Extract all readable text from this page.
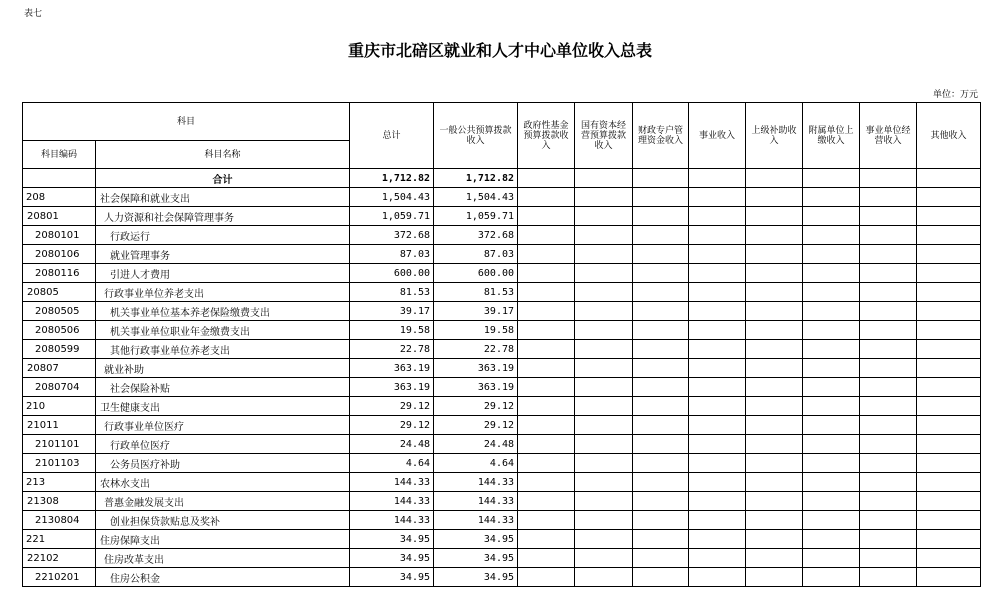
表七
重庆市北碚区就业和人才中心单位收入总表
单位：万元
科目		总计	一般公共预算拨款收入	政府性基金预算拨款收入	国有资本经营预算拨款收入	财政专户管理资金收入	事业收入	上级补助收入	附属单位上缴收入	事业单位经营收入	其他收入
科目编码	科目名称										
	合计	1,712.82	1,712.82								
208	社会保障和就业支出	1,504.43	1,504.43								
20801	人力资源和社会保障管理事务	1,059.71	1,059.71								
2080101	行政运行	372.68	372.68								
2080106	就业管理事务	87.03	87.03								
2080116	引进人才费用	600.00	600.00								
20805	行政事业单位养老支出	81.53	81.53								
2080505	机关事业单位基本养老保险缴费支出	39.17	39.17								
2080506	机关事业单位职业年金缴费支出	19.58	19.58								
2080599	其他行政事业单位养老支出	22.78	22.78								
20807	就业补助	363.19	363.19								
2080704	社会保险补贴	363.19	363.19								
210	卫生健康支出	29.12	29.12								
21011	行政事业单位医疗	29.12	29.12								
2101101	行政单位医疗	24.48	24.48								
2101103	公务员医疗补助	4.64	4.64								
213	农林水支出	144.33	144.33								
21308	普惠金融发展支出	144.33	144.33								
2130804	创业担保贷款贴息及奖补	144.33	144.33								
221	住房保障支出	34.95	34.95								
22102	住房改革支出	34.95	34.95								
2210201	住房公积金	34.95	34.95								
